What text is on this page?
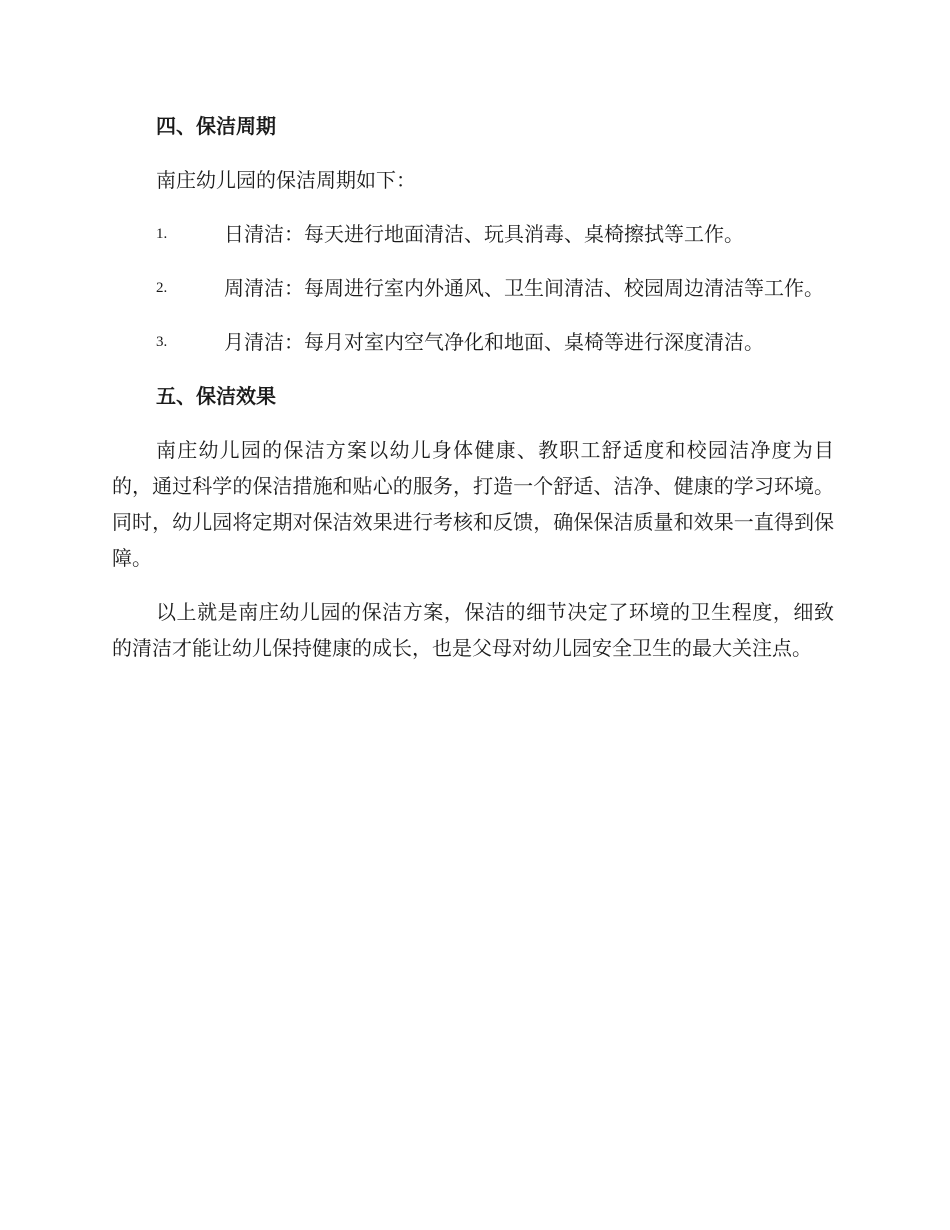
四、保洁周期

南庄幼儿园的保洁周期如下：

1.	日清洁：每天进行地面清洁、玩具消毒、桌椅擦拭等工作。
2.	周清洁：每周进行室内外通风、卫生间清洁、校园周边清洁等工作。
3.	月清洁：每月对室内空气净化和地面、桌椅等进行深度清洁。
五、保洁效果

南庄幼儿园的保洁方案以幼儿身体健康、教职工舒适度和校园洁净度为目的，通过科学的保洁措施和贴心的服务，打造一个舒适、洁净、健康的学习环境。同时，幼儿园将定期对保洁效果进行考核和反馈，确保保洁质量和效果一直得到保障。

以上就是南庄幼儿园的保洁方案，保洁的细节决定了环境的卫生程度，细致的清洁才能让幼儿保持健康的成长，也是父母对幼儿园安全卫生的最大关注点。
